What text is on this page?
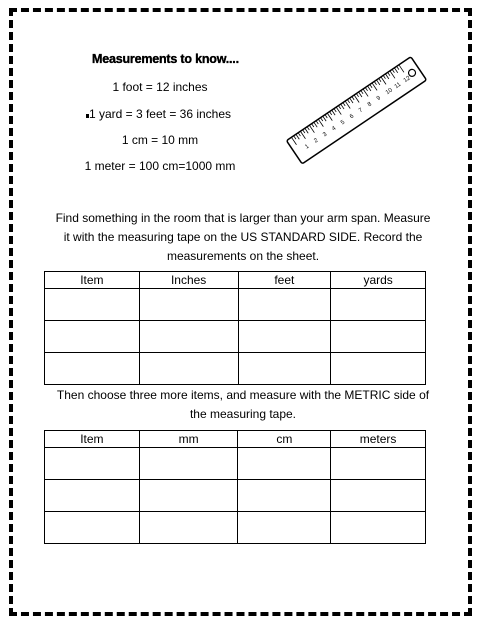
Measurements to know....
1 foot = 12 inches
1 yard = 3 feet = 36 inches
1 cm = 10 mm
1 meter = 100 cm=1000 mm
1
2
3
4
5
6
7
8
9
10
11
12
Find something in the room that is larger than your arm span. Measure
it with the measuring tape on the US STANDARD SIDE. Record the
measurements on the sheet.
Item	Inches	feet	yards

Then choose three more items, and measure with the METRIC side of
the measuring tape.
Item	mm	cm	meters
